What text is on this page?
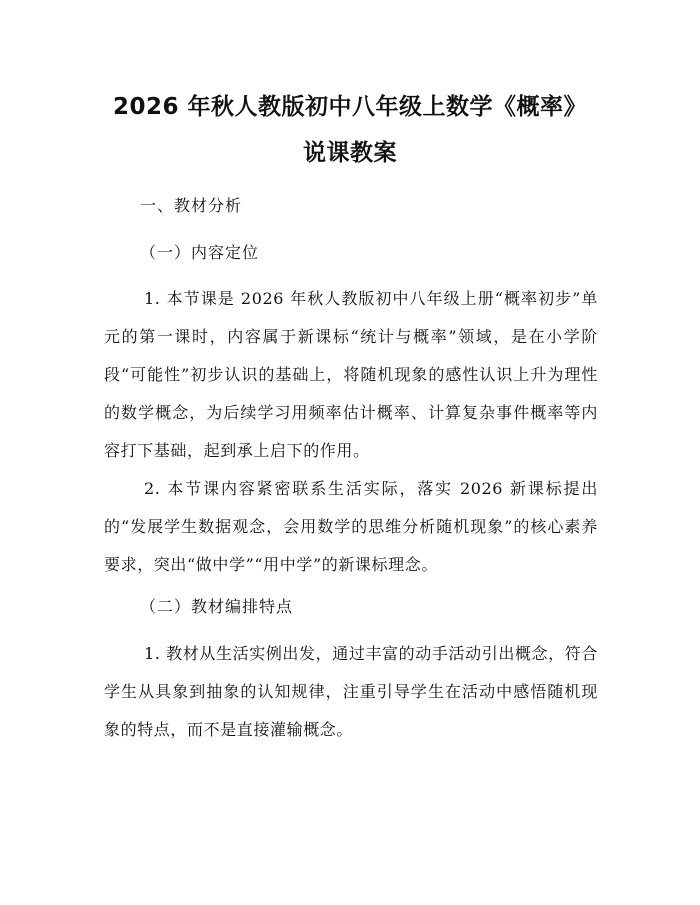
2026 年秋人教版初中八年级上数学《概率》
说课教案
一、教材分析
（一）内容定位
1. 本节课是 2026 年秋人教版初中八年级上册“概率初步”单元的第一课时，内容属于新课标“统计与概率”领域，是在小学阶段“可能性”初步认识的基础上，将随机现象的感性认识上升为理性的数学概念，为后续学习用频率估计概率、计算复杂事件概率等内容打下基础，起到承上启下的作用。
2. 本节课内容紧密联系生活实际，落实 2026 新课标提出的“发展学生数据观念，会用数学的思维分析随机现象”的核心素养要求，突出“做中学”“用中学”的新课标理念。
（二）教材编排特点
1. 教材从生活实例出发，通过丰富的动手活动引出概念，符合学生从具象到抽象的认知规律，注重引导学生在活动中感悟随机现象的特点，而不是直接灌输概念。
